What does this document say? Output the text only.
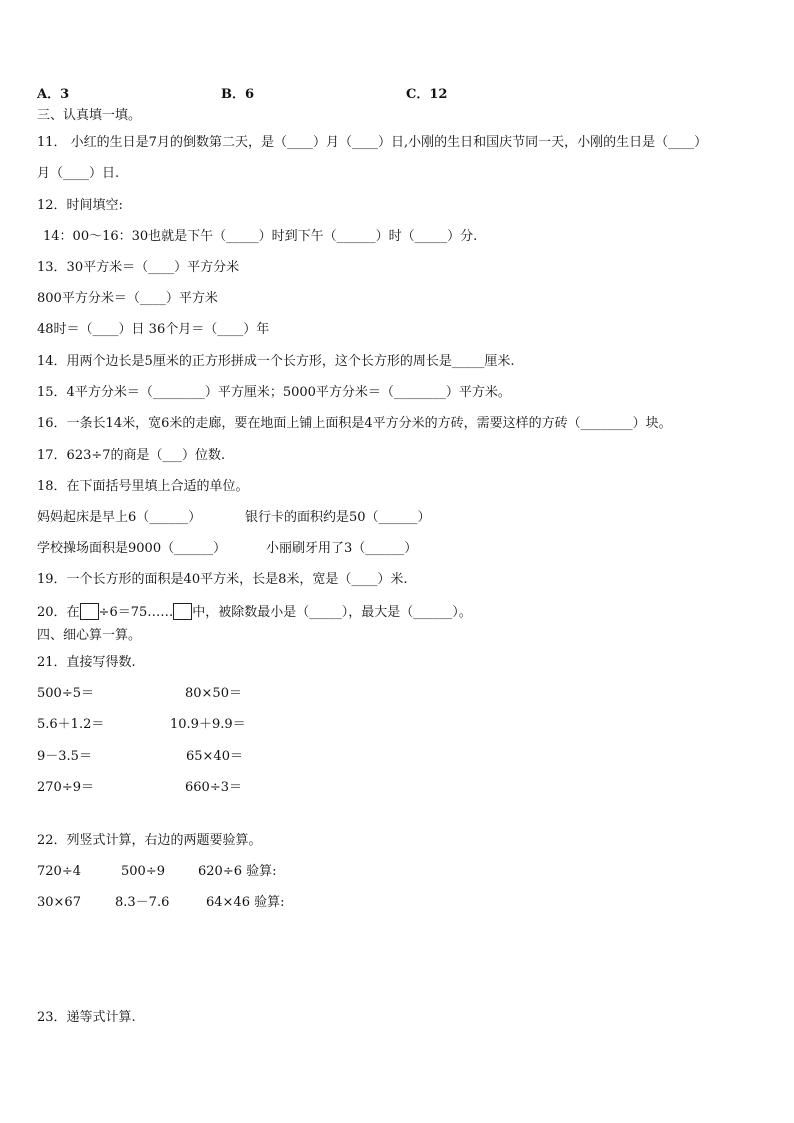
A．3	B．6	C．12
三、认真填一填。
11． 小红的生日是7月的倒数第二天，是（____）月（____）日,小刚的生日和国庆节同一天，小刚的生日是（____）
月（____）日.
12．时间填空:
14：00～16：30也就是下午（_____）时到下午（______）时（_____）分.
13．30平方米＝（____）平方分米
800平方分米＝（____）平方米
48时＝（____）日 36个月＝（____）年
14．用两个边长是5厘米的正方形拼成一个长方形，这个长方形的周长是_____厘米.
15．4平方分米＝（________）平方厘米；5000平方分米＝（________）平方米。
16．一条长14米，宽6米的走廊，要在地面上铺上面积是4平方分米的方砖，需要这样的方砖（________）块。
17．623÷7的商是（___）位数.
18．在下面括号里填上合适的单位。
妈妈起床是早上6（______）	银行卡的面积约是50（______）
学校操场面积是9000（______）	小丽刷牙用了3（______）
19．一个长方形的面积是40平方米，长是8米，宽是（____）米.
20．在 ÷6＝75…… 中，被除数最小是（_____），最大是（______）。
四、细心算一算。
21．直接写得数.
500÷5＝	80×50＝
5.6＋1.2＝	10.9＋9.9＝
9－3.5＝	65×40＝
270÷9＝	660÷3＝
22．列竖式计算，右边的两题要验算。
720÷4	500÷9	620÷6 验算:
30×67	8.3－7.6	64×46 验算:
23．递等式计算.
